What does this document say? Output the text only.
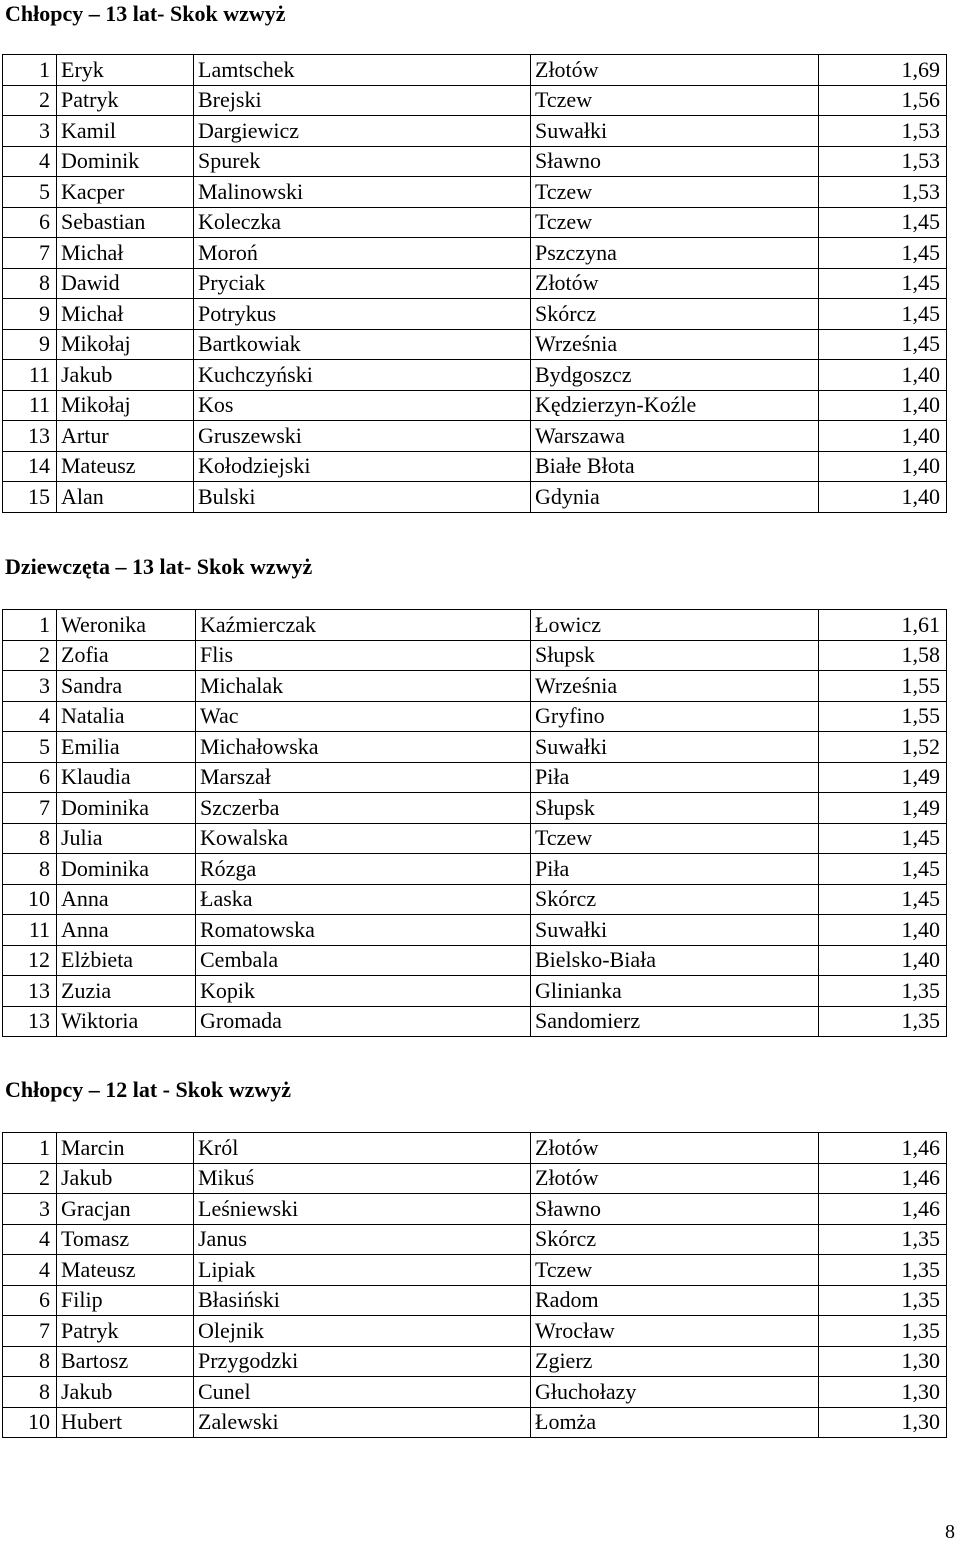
Chłopcy – 13 lat- Skok wzwyż
1	Eryk	Lamtschek	Złotów	1,69
2	Patryk	Brejski	Tczew	1,56
3	Kamil	Dargiewicz	Suwałki	1,53
4	Dominik	Spurek	Sławno	1,53
5	Kacper	Malinowski	Tczew	1,53
6	Sebastian	Koleczka	Tczew	1,45
7	Michał	Moroń	Pszczyna	1,45
8	Dawid	Pryciak	Złotów	1,45
9	Michał	Potrykus	Skórcz	1,45
9	Mikołaj	Bartkowiak	Września	1,45
11	Jakub	Kuchczyński	Bydgoszcz	1,40
11	Mikołaj	Kos	Kędzierzyn-Koźle	1,40
13	Artur	Gruszewski	Warszawa	1,40
14	Mateusz	Kołodziejski	Białe Błota	1,40
15	Alan	Bulski	Gdynia	1,40
Dziewczęta – 13 lat- Skok wzwyż
1	Weronika	Kaźmierczak	Łowicz	1,61
2	Zofia	Flis	Słupsk	1,58
3	Sandra	Michalak	Września	1,55
4	Natalia	Wac	Gryfino	1,55
5	Emilia	Michałowska	Suwałki	1,52
6	Klaudia	Marszał	Piła	1,49
7	Dominika	Szczerba	Słupsk	1,49
8	Julia	Kowalska	Tczew	1,45
8	Dominika	Rózga	Piła	1,45
10	Anna	Łaska	Skórcz	1,45
11	Anna	Romatowska	Suwałki	1,40
12	Elżbieta	Cembala	Bielsko-Biała	1,40
13	Zuzia	Kopik	Glinianka	1,35
13	Wiktoria	Gromada	Sandomierz	1,35
Chłopcy – 12 lat - Skok wzwyż
1	Marcin	Król	Złotów	1,46
2	Jakub	Mikuś	Złotów	1,46
3	Gracjan	Leśniewski	Sławno	1,46
4	Tomasz	Janus	Skórcz	1,35
4	Mateusz	Lipiak	Tczew	1,35
6	Filip	Błasiński	Radom	1,35
7	Patryk	Olejnik	Wrocław	1,35
8	Bartosz	Przygodzki	Zgierz	1,30
8	Jakub	Cunel	Głuchołazy	1,30
10	Hubert	Zalewski	Łomża	1,30
8
